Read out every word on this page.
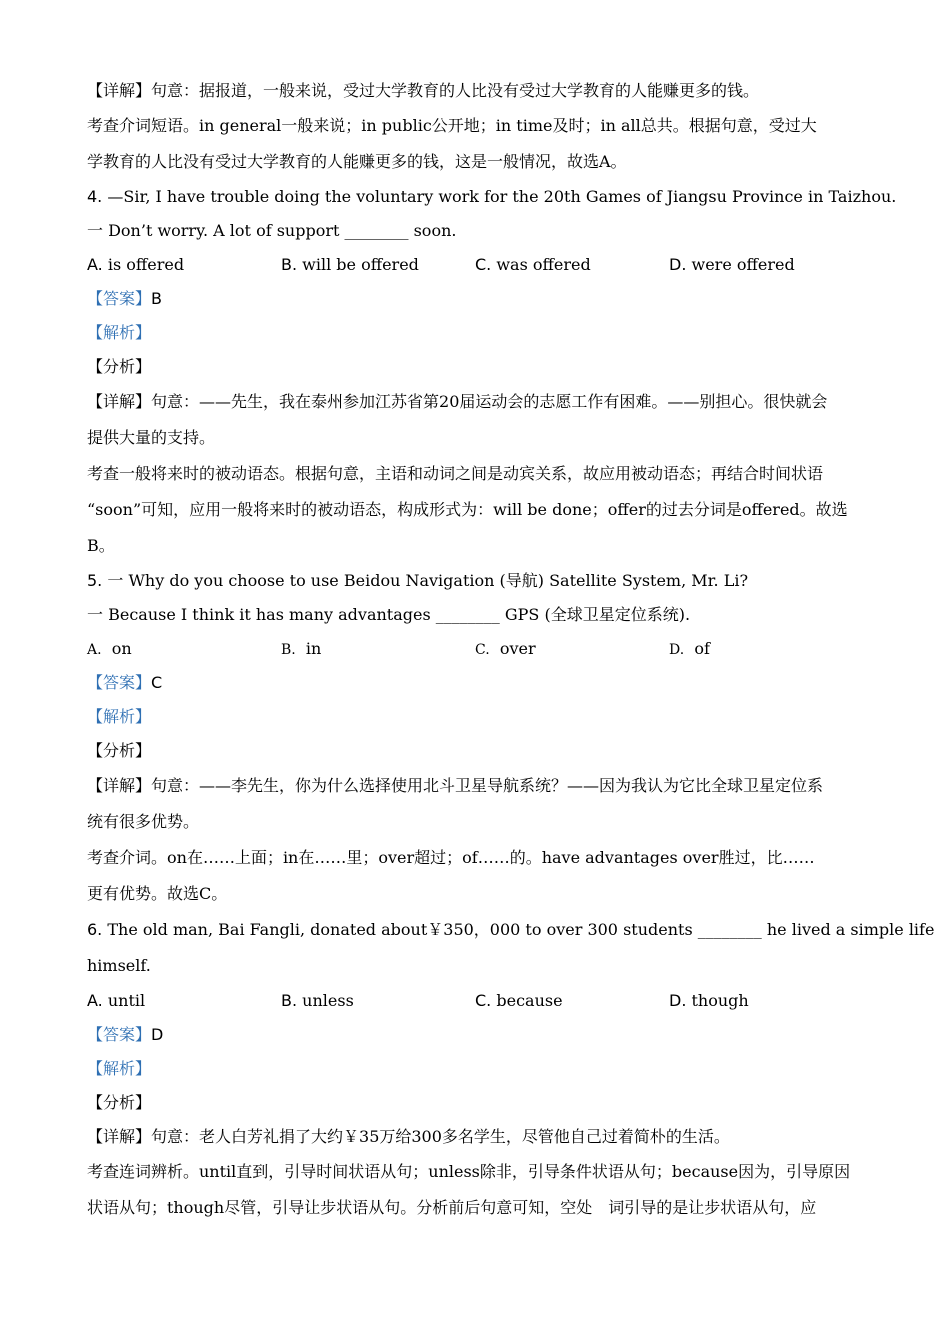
【详解】句意：据报道，一般来说，受过大学教育的人比没有受过大学教育的人能赚更多的钱。

考查介词短语。in general一般来说；in public公开地；in time及时；in all总共。根据句意，受过大

学教育的人比没有受过大学教育的人能赚更多的钱，这是一般情况，故选A。

4. —Sir, I have trouble doing the voluntary work for the 20th Games of Jiangsu Province in Taizhou.

一 Don’t worry. A lot of support ________ soon.

A. is offered	B. will be offered	C. was offered	D. were offered

【答案】B

【解析】

【分析】

【详解】句意：——先生，我在泰州参加江苏省第20届运动会的志愿工作有困难。——别担心。很快就会

提供大量的支持。

考查一般将来时的被动语态。根据句意，主语和动词之间是动宾关系，故应用被动语态；再结合时间状语

“soon”可知，应用一般将来时的被动语态，构成形式为：will be done；offer的过去分词是offered。故选

B。

5. 一 Why do you choose to use Beidou Navigation (导航) Satellite System, Mr. Li?

一 Because I think it has many advantages ________ GPS (全球卫星定位系统).

A. on	B. in	C. over	D. of

【答案】C

【解析】

【分析】

【详解】句意：——李先生，你为什么选择使用北斗卫星导航系统？——因为我认为它比全球卫星定位系

统有很多优势。

考查介词。on在……上面；in在……里；over超过；of……的。have advantages over胜过，比……

更有优势。故选C。

6. The old man, Bai Fangli, donated about￥350，000 to over 300 students ________ he lived a simple life

himself.

A. until	B. unless	C. because	D. though

【答案】D

【解析】

【分析】

【详解】句意：老人白芳礼捐了大约￥35万给300多名学生，尽管他自己过着简朴的生活。

考查连词辨析。until直到，引导时间状语从句；unless除非，引导条件状语从句；because因为，引导原因

状语从句；though尽管，引导让步状语从句。分析前后句意可知，空处　词引导的是让步状语从句，应
